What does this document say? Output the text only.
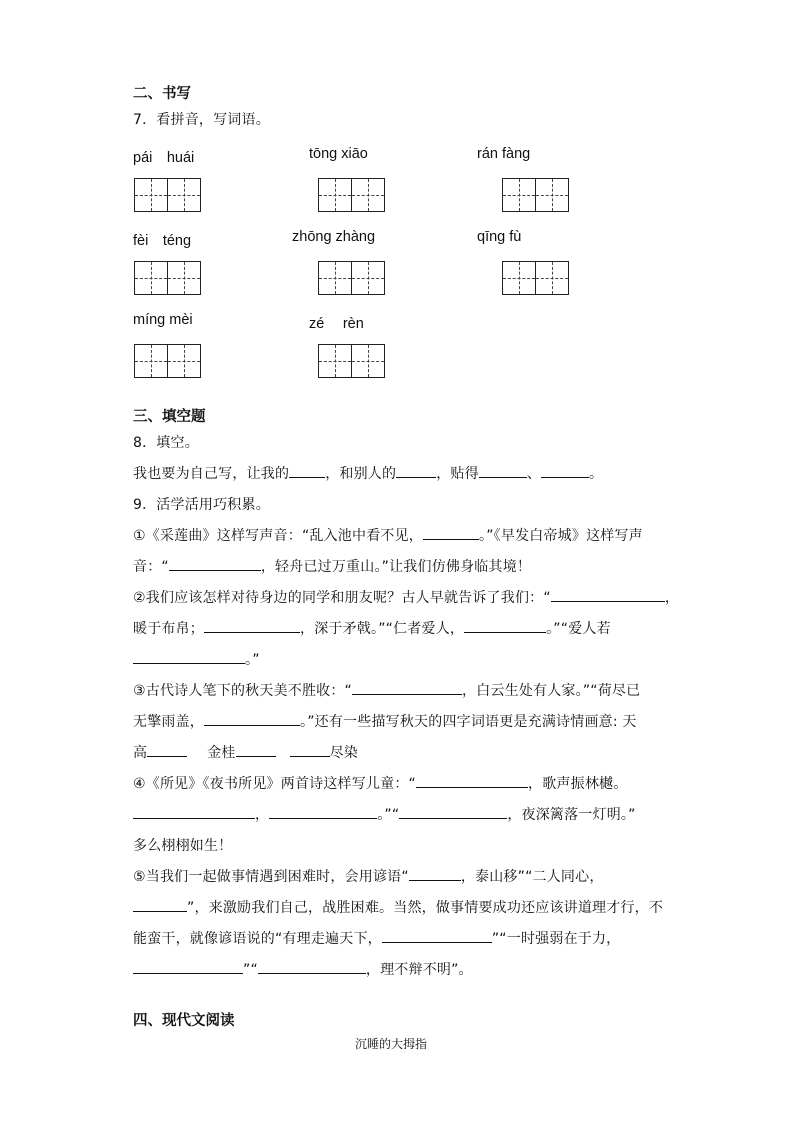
二、书写
7．看拼音，写词语。
pái　huái	tōng xiāo	rán fàng
fèi　téng	zhōng zhàng	qīng fù
míng mèi	zé　 rèn
三、填空题
8．填空。
我也要为自己写，让我的	，和别人的	，贴得	、	。
9．活学活用巧积累。
①《采莲曲》这样写声音：“乱入池中看不见，	。”《早发白帝城》这样写声
音：“	，轻舟已过万重山。”让我们仿佛身临其境！
②我们应该怎样对待身边的同学和朋友呢？古人早就告诉了我们：“	，
暖于布帛；	，深于矛戟。”“仁者爱人，	。”“爱人若
。”
③古代诗人笔下的秋天美不胜收：“	，白云生处有人家。”“荷尽已
无擎雨盖，	。”还有一些描写秋天的四字词语更是充满诗情画意: 天
高	金桂	尽染
④《所见》《夜书所见》两首诗这样写儿童：“	，歌声振林樾。
，	。”“	，夜深篱落一灯明。”
多么栩栩如生！
⑤当我们一起做事情遇到困难时，会用谚语“	，泰山移”“二人同心，
”，来激励我们自己，战胜困难。当然，做事情要成功还应该讲道理才行，不
能蛮干，就像谚语说的“有理走遍天下，	”“一时强弱在于力，
”“	，理不辩不明”。
四、现代文阅读
沉睡的大拇指
